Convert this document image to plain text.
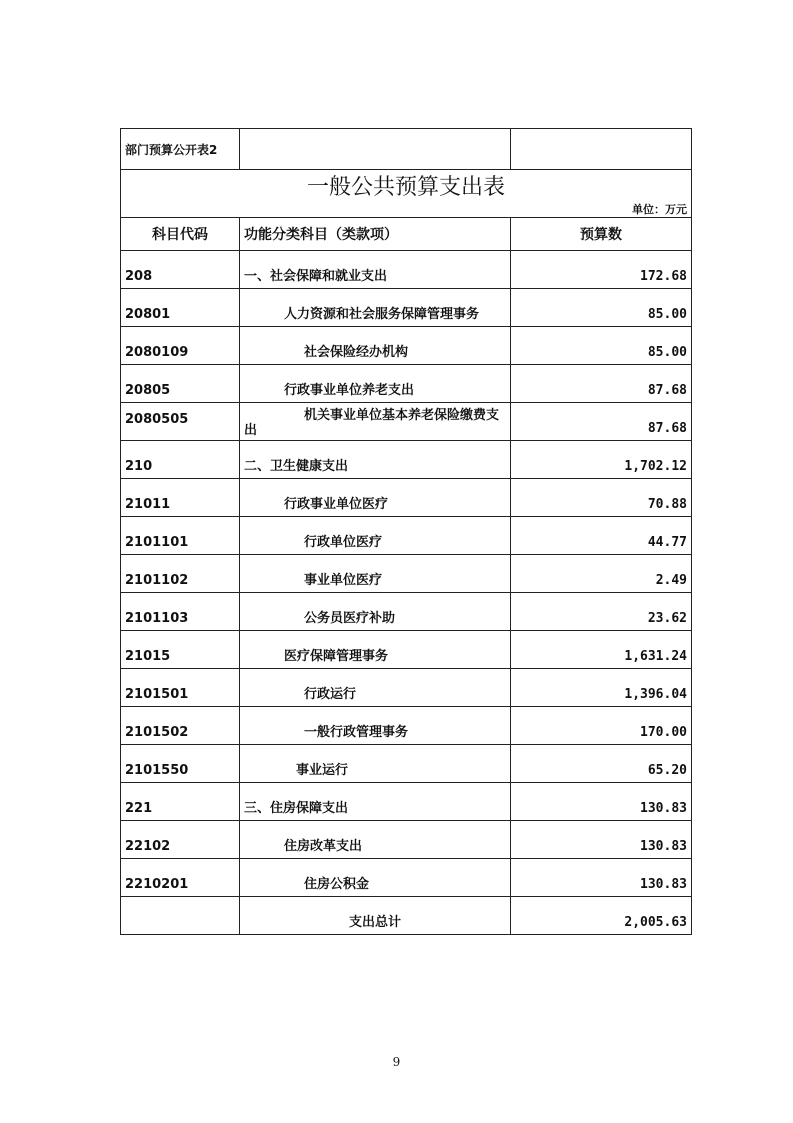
部门预算公开表2		
一般公共预算支出表		
单位：万元		
科目代码	功能分类科目（类款项）	预算数
208	一、社会保障和就业支出	172.68
20801	人力资源和社会服务保障管理事务	85.00
2080109	社会保险经办机构	85.00
20805	行政事业单位养老支出	87.68
2080505	机关事业单位基本养老保险缴费支出	87.68
210	二、卫生健康支出	1,702.12
21011	行政事业单位医疗	70.88
2101101	行政单位医疗	44.77
2101102	事业单位医疗	2.49
2101103	公务员医疗补助	23.62
21015	医疗保障管理事务	1,631.24
2101501	行政运行	1,396.04
2101502	一般行政管理事务	170.00
2101550	事业运行	65.20
221	三、住房保障支出	130.83
22102	住房改革支出	130.83
2210201	住房公积金	130.83
	支出总计	2,005.63
9
